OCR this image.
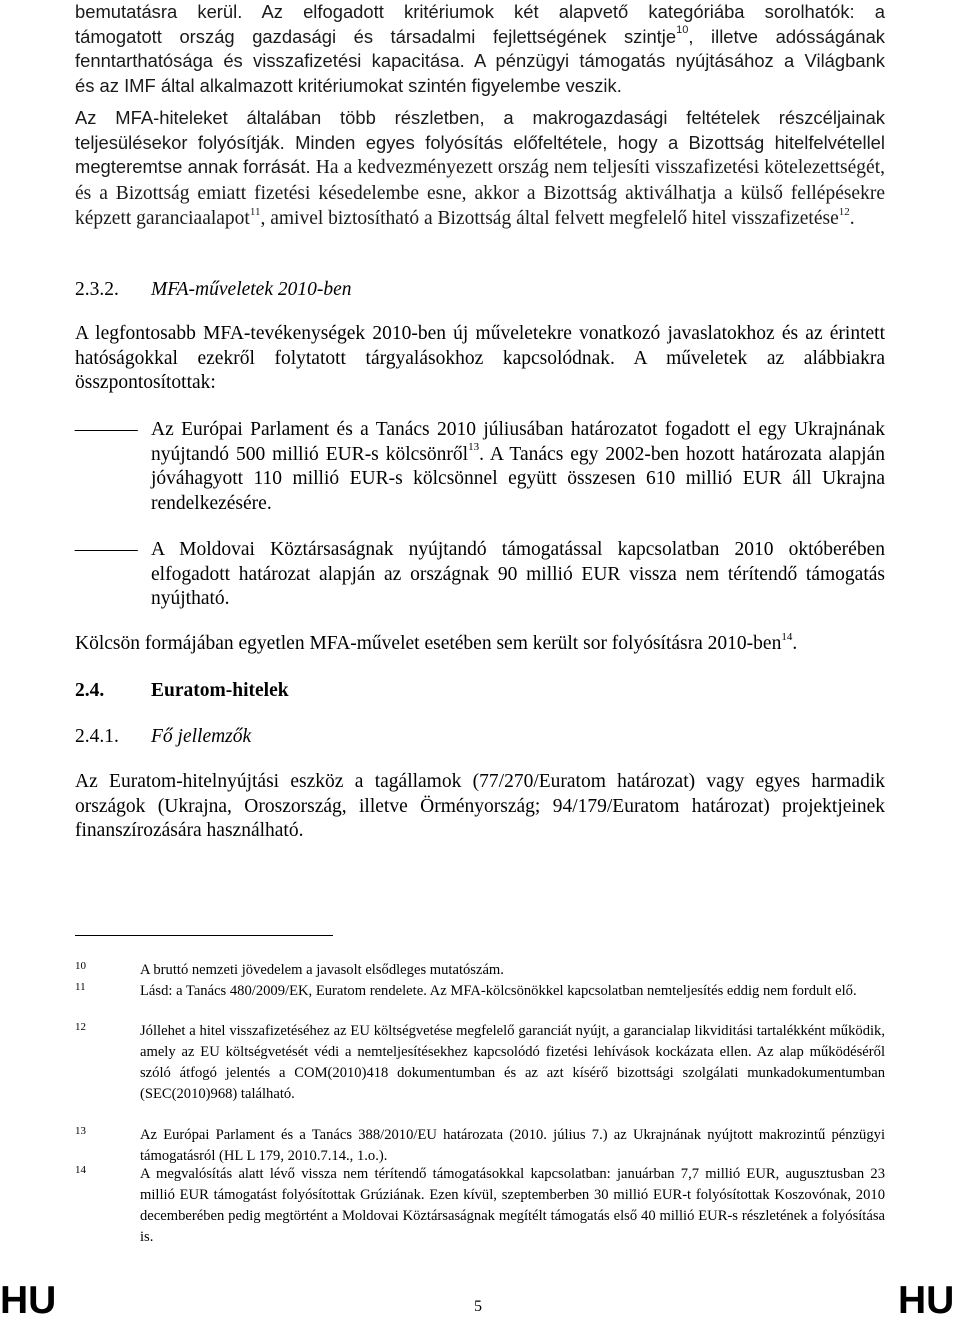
bemutatásra kerül. Az elfogadott kritériumok két alapvető kategóriába sorolhatók: a
támogatott ország gazdasági és társadalmi fejlettségének szintje$^{10}$, illetve adósságának
fenntarthatósága és visszafizetési kapacitása. A pénzügyi támogatás nyújtásához a Világbank
és az IMF által alkalmazott kritériumokat szintén figyelembe veszik.

Az MFA-hiteleket általában több részletben, a makrogazdasági feltételek részcéljainak teljesülésekor folyósítják. Minden egyes folyósítás előfeltétele, hogy a Bizottság hitelfelvétellel megteremtse annak forrását. Ha a kedvezményezett ország nem teljesíti visszafizetési kötelezettségét, és a Bizottság emiatt fizetési késedelembe esne, akkor a Bizottság aktiválhatja a külső fellépésekre képzett garanciaalapot$^{11}$, amivel biztosítható a Bizottság által felvett megfelelő hitel visszafizetése$^{12}$.

2.3.2. MFA-műveletek 2010-ben

A legfontosabb MFA-tevékenységek 2010-ben új műveletekre vonatkozó javaslatokhoz és az érintett hatóságokkal ezekről folytatott tárgyalásokhoz kapcsolódnak. A műveletek az alábbiakra összpontosítottak:

― Az Európai Parlament és a Tanács 2010 júliusában határozatot fogadott el egy Ukrajnának nyújtandó 500 millió EUR-s kölcsönről$^{13}$. A Tanács egy 2002-ben hozott határozata alapján jóváhagyott 110 millió EUR-s kölcsönnel együtt összesen 610 millió EUR áll Ukrajna rendelkezésére.

― A Moldovai Köztársaságnak nyújtandó támogatással kapcsolatban 2010 októberében elfogadott határozat alapján az országnak 90 millió EUR vissza nem térítendő támogatás nyújtható.

Kölcsön formájában egyetlen MFA-művelet esetében sem került sor folyósításra 2010-ben$^{14}$.

2.4. Euratom-hitelek
2.4.1. Fő jellemzők

Az Euratom-hitelnyújtási eszköz a tagállamok (77/270/Euratom határozat) vagy egyes harmadik országok (Ukrajna, Oroszország, illetve Örményország; 94/179/Euratom határozat) projektjeinek finanszírozására használható.

10	A bruttó nemzeti jövedelem a javasolt elsődleges mutatószám.

11	Lásd: a Tanács 480/2009/EK, Euratom rendelete. Az MFA-kölcsönökkel kapcsolatban nemteljesítés eddig nem fordult elő.

12	Jóllehet a hitel visszafizetéséhez az EU költségvetése megfelelő garanciát nyújt, a garancialap likviditási tartalékként működik, amely az EU költségvetését védi a nemteljesítésekhez kapcsolódó fizetési lehívások kockázata ellen. Az alap működéséről szóló átfogó jelentés a COM(2010)418 dokumentumban és az azt kísérő bizottsági szolgálati munkadokumentumban (SEC(2010)968) található.

13	Az Európai Parlament és a Tanács 388/2010/EU határozata (2010. július 7.) az Ukrajnának nyújtott makrozintű pénzügyi támogatásról (HL L 179, 2010.7.14., 1.o.).

14	A megvalósítás alatt lévő vissza nem térítendő támogatásokkal kapcsolatban: januárban 7,7 millió EUR, augusztusban 23 millió EUR támogatást folyósítottak Grúziának. Ezen kívül, szeptemberben 30 millió EUR-t folyósítottak Koszovónak, 2010 decemberében pedig megtörtént a Moldovai Köztársaságnak megítélt támogatás első 40 millió EUR-s részletének a folyósítása is.

HU	5	HU
